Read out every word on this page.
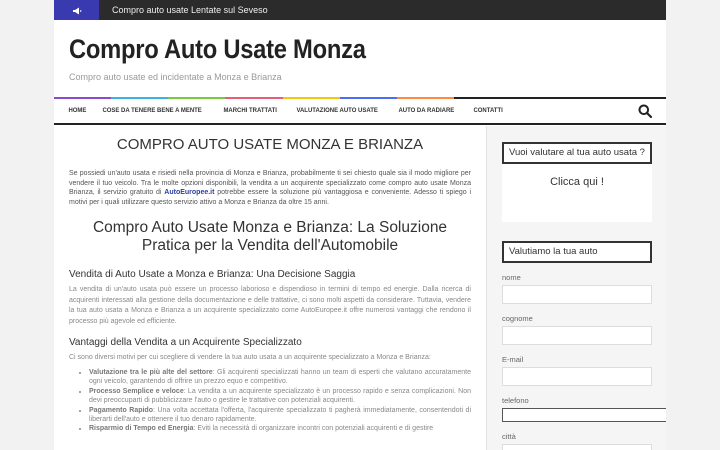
Compro auto usate Lentate sul Seveso
Compro Auto Usate Monza
Compro auto usate ed incidentate a Monza e Brianza
HOME	COSE DA TENERE BENE A MENTE	MARCHI TRATTATI	VALUTAZIONE AUTO USATE	AUTO DA RADIARE	CONTATTI
COMPRO AUTO USATE MONZA E BRIANZA

Se possiedi un'auto usata e risiedi nella provincia di Monza e Brianza, probabilmente ti sei chiesto quale sia il modo migliore per vendere il tuo veicolo. Tra le molte opzioni disponibili, la vendita a un acquirente specializzato come compro auto usate Monza Brianza, il servizio gratuito di AutoEuropee.it potrebbe essere la soluzione più vantaggiosa e conveniente. Adesso ti spiego i motivi per i quali utilizzare questo servizio attivo a Monza e Brianza da oltre 15 anni.

Compro Auto Usate Monza e Brianza: La Soluzione Pratica per la Vendita dell'Automobile
Vendita di Auto Usate a Monza e Brianza: Una Decisione Saggia

La vendita di un'auto usata può essere un processo laborioso e dispendioso in termini di tempo ed energie. Dalla ricerca di acquirenti interessati alla gestione della documentazione e delle trattative, ci sono molti aspetti da considerare. Tuttavia, vendere la tua auto usata a Monza e Brianza a un acquirente specializzato come AutoEuropee.it offre numerosi vantaggi che rendono il processo più agevole ed efficiente.

Vantaggi della Vendita a un Acquirente Specializzato

Ci sono diversi motivi per cui scegliere di vendere la tua auto usata a un acquirente specializzato a Monza e Brianza:

• Valutazione tra le più alte del settore: Gli acquirenti specializzati hanno un team di esperti che valutano accuratamente ogni veicolo, garantendo di offrire un prezzo equo e competitivo.
• Processo Semplice e veloce: La vendita a un acquirente specializzato è un processo rapido e senza complicazioni. Non devi preoccuparti di pubblicizzare l'auto o gestire le trattative con potenziali acquirenti.
• Pagamento Rapido: Una volta accettata l'offerta, l'acquirente specializzato ti pagherà immediatamente, consentendoti di liberarti dell'auto e ottenere il tuo denaro rapidamente.
• Risparmio di Tempo ed Energia: Eviti la necessità di organizzare incontri con potenziali acquirenti e di gestire
Vuoi valutare al tua auto usata ?
Clicca qui !
Valutiamo la tua auto
nome
cognome
E-mail
telefono
città
